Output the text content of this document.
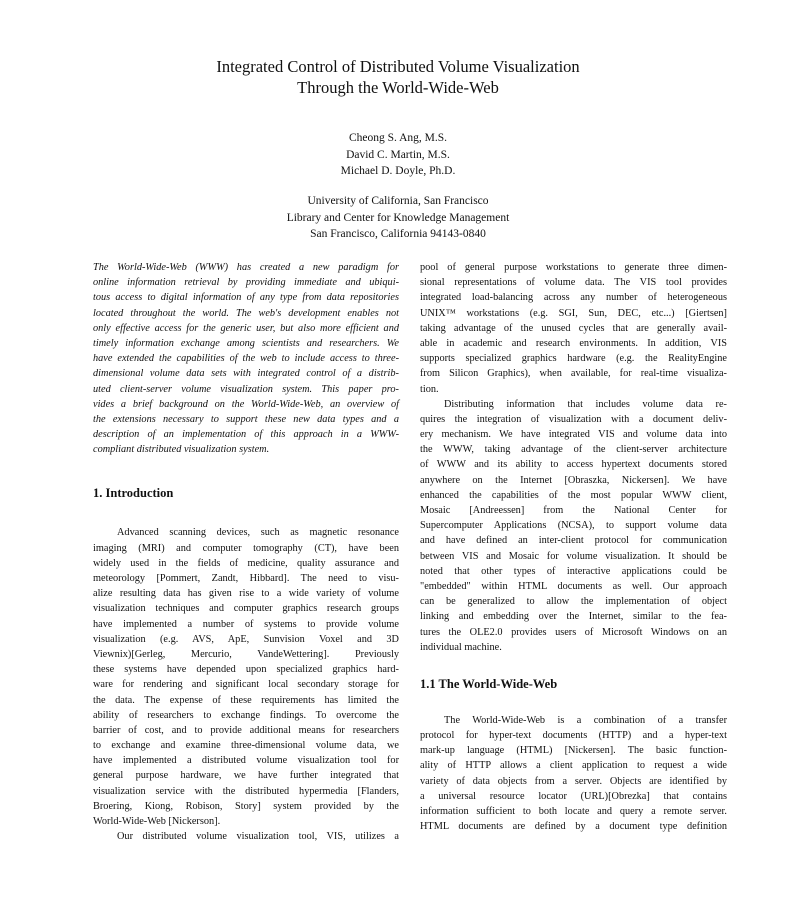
Integrated Control of Distributed Volume Visualization
Through the World-Wide-Web
Cheong S. Ang, M.S.
David C. Martin, M.S.
Michael D. Doyle, Ph.D.
University of California, San Francisco
Library and Center for Knowledge Management
San Francisco, California 94143-0840
The World-Wide-Web (WWW) has created a new paradigm for
online information retrieval by providing immediate and ubiqui-
tous access to digital information of any type from data repositories
located throughout the world. The web's development enables not
only effective access for the generic user, but also more efficient and
timely information exchange among scientists and researchers. We
have extended the capabilities of the web to include access to three-
dimensional volume data sets with integrated control of a distrib-
uted client-server volume visualization system. This paper pro-
vides a brief background on the World-Wide-Web, an overview of
the extensions necessary to support these new data types and a
description of an implementation of this approach in a WWW-
compliant distributed visualization system.
1. Introduction
Advanced scanning devices, such as magnetic resonance
imaging (MRI) and computer tomography (CT), have been
widely used in the fields of medicine, quality assurance and
meteorology [Pommert, Zandt, Hibbard]. The need to visu-
alize resulting data has given rise to a wide variety of volume
visualization techniques and computer graphics research groups
have implemented a number of systems to provide volume
visualization (e.g. AVS, ApE, Sunvision Voxel and 3D
Viewnix)[Gerleg, Mercurio, VandeWettering]. Previously
these systems have depended upon specialized graphics hard-
ware for rendering and significant local secondary storage for
the data. The expense of these requirements has limited the
ability of researchers to exchange findings. To overcome the
barrier of cost, and to provide additional means for researchers
to exchange and examine three-dimensional volume data, we
have implemented a distributed volume visualization tool for
general purpose hardware, we have further integrated that
visualization service with the distributed hypermedia [Flanders,
Broering, Kiong, Robison, Story] system provided by the
World-Wide-Web [Nickerson].
Our distributed volume visualization tool, VIS, utilizes a
pool of general purpose workstations to generate three dimen-
sional representations of volume data. The VIS tool provides
integrated load-balancing across any number of heterogeneous
UNIX™ workstations (e.g. SGI, Sun, DEC, etc...) [Giertsen]
taking advantage of the unused cycles that are generally avail-
able in academic and research environments. In addition, VIS
supports specialized graphics hardware (e.g. the RealityEngine
from Silicon Graphics), when available, for real-time visualiza-
tion.
Distributing information that includes volume data re-
quires the integration of visualization with a document deliv-
ery mechanism. We have integrated VIS and volume data into
the WWW, taking advantage of the client-server architecture
of WWW and its ability to access hypertext documents stored
anywhere on the Internet [Obraszka, Nickersen]. We have
enhanced the capabilities of the most popular WWW client,
Mosaic [Andreessen] from the National Center for
Supercomputer Applications (NCSA), to support volume data
and have defined an inter-client protocol for communication
between VIS and Mosaic for volume visualization. It should be
noted that other types of interactive applications could be
"embedded" within HTML documents as well. Our approach
can be generalized to allow the implementation of object
linking and embedding over the Internet, similar to the fea-
tures the OLE2.0 provides users of Microsoft Windows on an
individual machine.
1.1 The World-Wide-Web
The World-Wide-Web is a combination of a transfer
protocol for hyper-text documents (HTTP) and a hyper-text
mark-up language (HTML) [Nickersen]. The basic function-
ality of HTTP allows a client application to request a wide
variety of data objects from a server. Objects are identified by
a universal resource locator (URL)[Obrezka] that contains
information sufficient to both locate and query a remote server.
HTML documents are defined by a document type definition
